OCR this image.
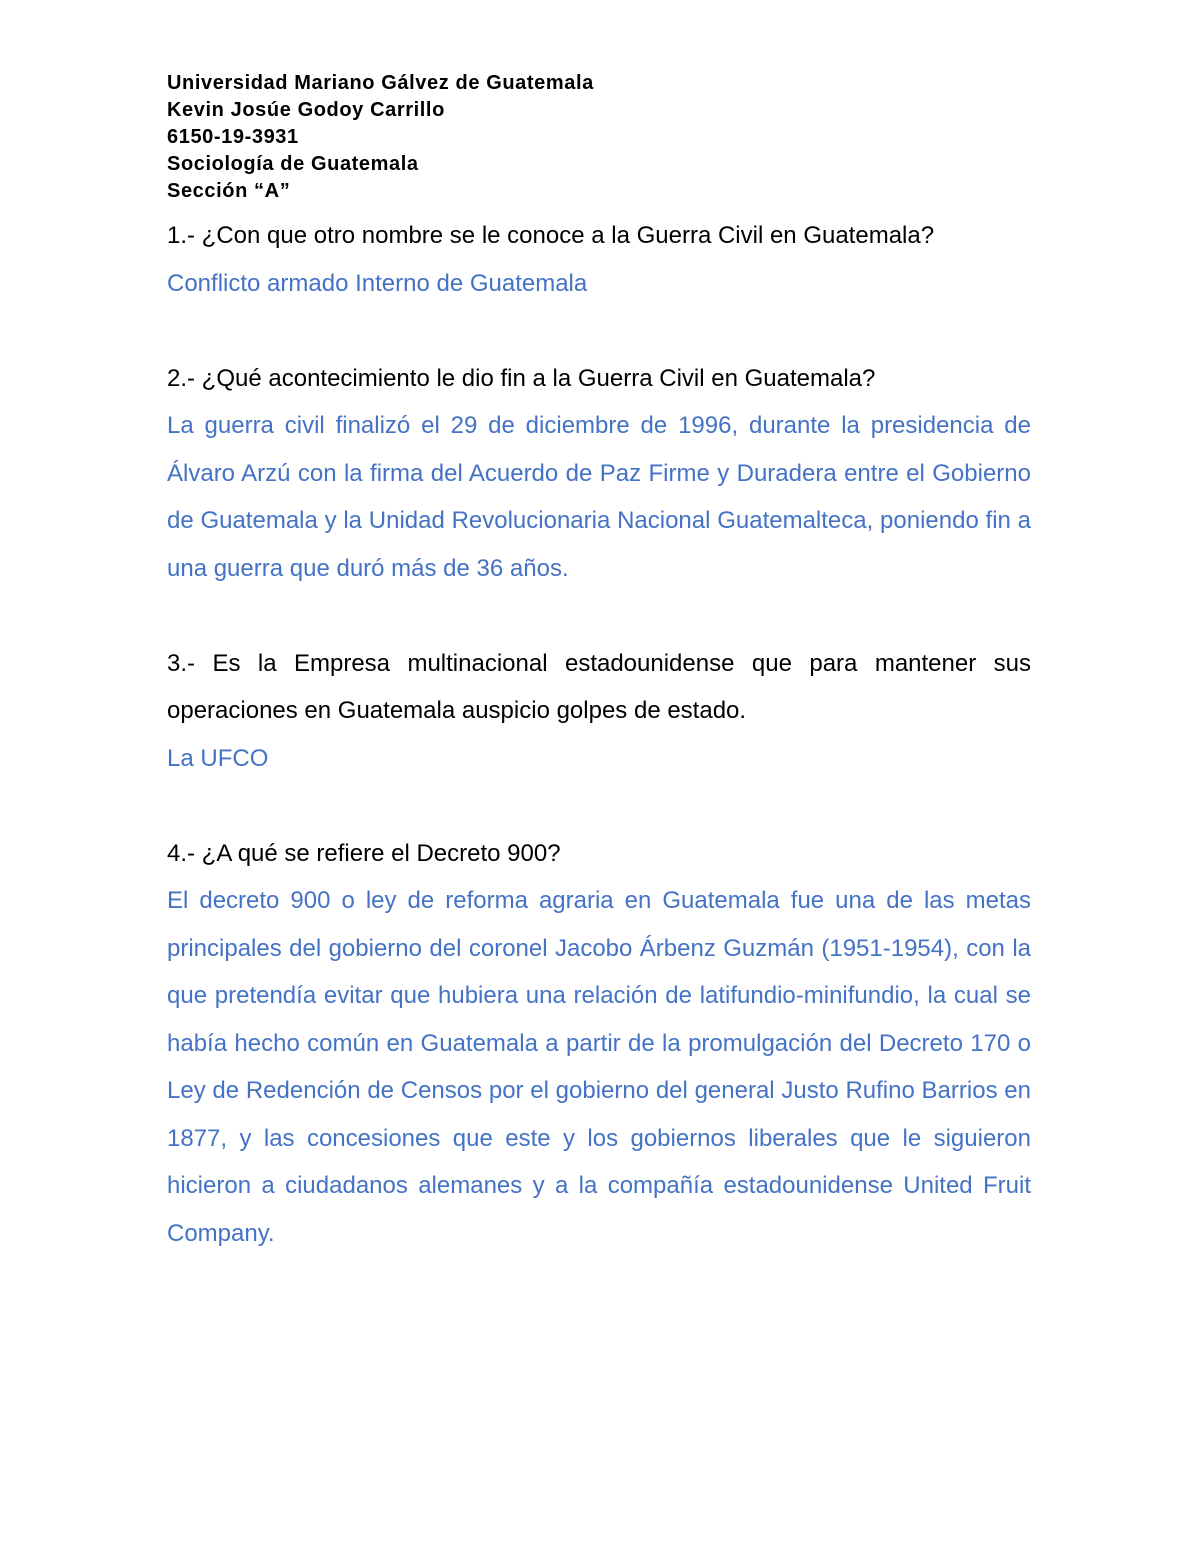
Universidad Mariano Gálvez de Guatemala
Kevin Josúe Godoy Carrillo
6150-19-3931
Sociología de Guatemala
Sección “A”

1.- ¿Con que otro nombre se le conoce a la Guerra Civil en Guatemala?

Conflicto armado Interno de Guatemala

2.- ¿Qué acontecimiento le dio fin a la Guerra Civil en Guatemala?

La guerra civil finalizó el 29 de diciembre de 1996, durante la presidencia de Álvaro Arzú con la firma del Acuerdo de Paz Firme y Duradera entre el Gobierno de Guatemala y la Unidad Revolucionaria Nacional Guatemalteca, poniendo fin a una guerra que duró más de 36 años.

3.- Es la Empresa multinacional estadounidense que para mantener sus operaciones en Guatemala auspicio golpes de estado.

La UFCO

4.- ¿A qué se refiere el Decreto 900?

El decreto 900 o ley de reforma agraria en Guatemala fue una de las metas principales del gobierno del coronel Jacobo Árbenz Guzmán (1951-1954), con la que pretendía evitar que hubiera una relación de latifundio-minifundio, la cual se había hecho común en Guatemala a partir de la promulgación del Decreto 170 o Ley de Redención de Censos por el gobierno del general Justo Rufino Barrios en 1877, y las concesiones que este y los gobiernos liberales que le siguieron hicieron a ciudadanos alemanes y a la compañía estadounidense United Fruit Company.
